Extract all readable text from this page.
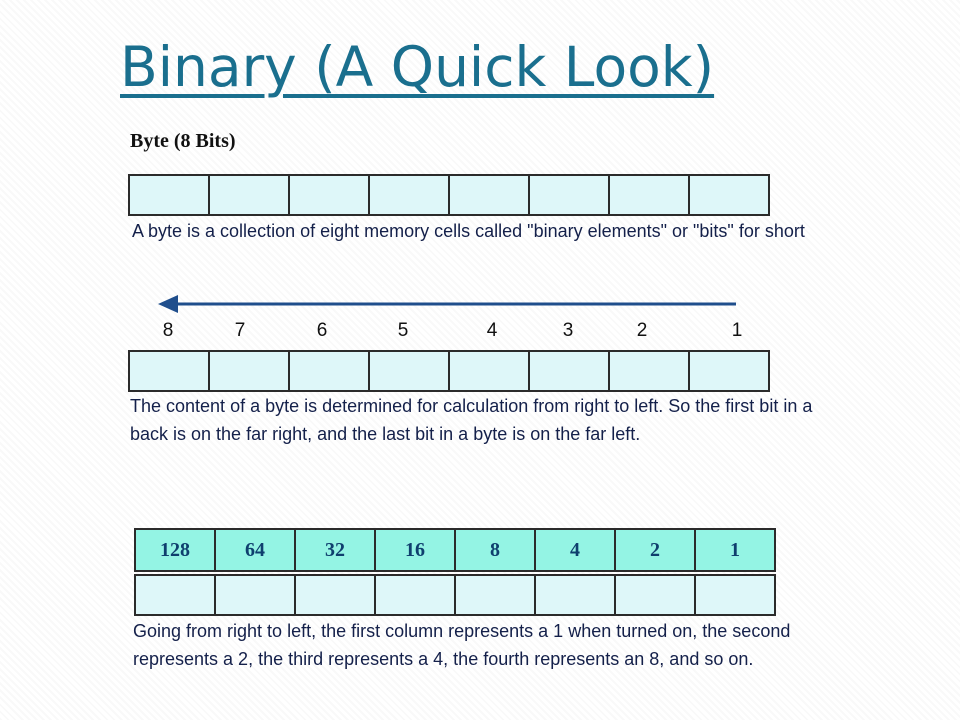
Binary (A Quick Look)
Byte (8 Bits)

A byte is a collection of eight memory cells called "binary elements" or "bits" for short

8	7	6	5	4	3	2	1

The content of a byte is determined for calculation from right to left. So the first bit in a back is on the far right, and the last bit in a byte is on the far left.

128	64	32	16	8	4	2	1

Going from right to left, the first column represents a 1 when turned on, the second represents a 2, the third represents a 4, the fourth represents an 8, and so on.
